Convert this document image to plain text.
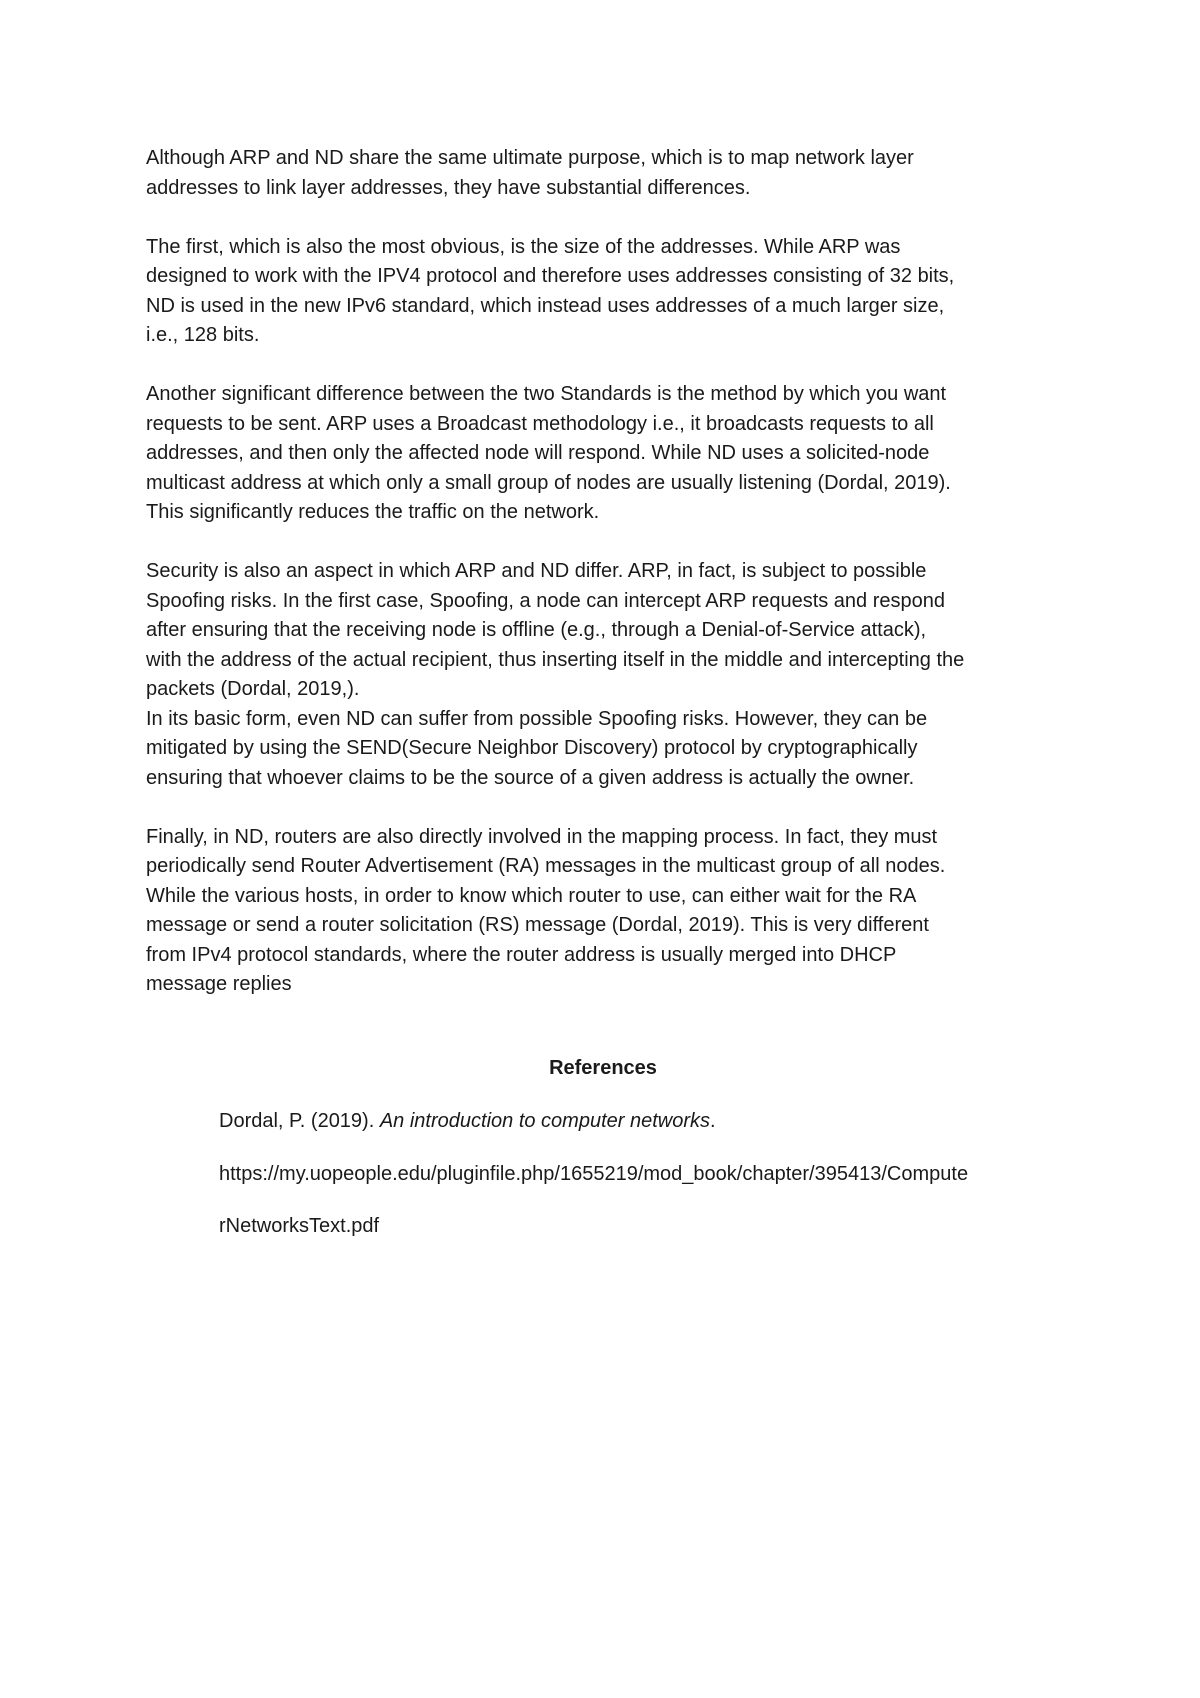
Although ARP and ND share the same ultimate purpose, which is to map network layer
addresses to link layer addresses, they have substantial differences.

The first, which is also the most obvious, is the size of the addresses. While ARP was
designed to work with the IPV4 protocol and therefore uses addresses consisting of 32 bits,
ND is used in the new IPv6 standard, which instead uses addresses of a much larger size,
i.e., 128 bits.

Another significant difference between the two Standards is the method by which you want
requests to be sent. ARP uses a Broadcast methodology i.e., it broadcasts requests to all
addresses, and then only the affected node will respond. While ND uses a solicited-node
multicast address at which only a small group of nodes are usually listening (Dordal, 2019).
This significantly reduces the traffic on the network.

Security is also an aspect in which ARP and ND differ. ARP, in fact, is subject to possible
Spoofing risks. In the first case, Spoofing, a node can intercept ARP requests and respond
after ensuring that the receiving node is offline (e.g., through a Denial-of-Service attack),
with the address of the actual recipient, thus inserting itself in the middle and intercepting the
packets (Dordal, 2019,).
In its basic form, even ND can suffer from possible Spoofing risks. However, they can be
mitigated by using the SEND(Secure Neighbor Discovery) protocol by cryptographically
ensuring that whoever claims to be the source of a given address is actually the owner.

Finally, in ND, routers are also directly involved in the mapping process. In fact, they must
periodically send Router Advertisement (RA) messages in the multicast group of all nodes.
While the various hosts, in order to know which router to use, can either wait for the RA
message or send a router solicitation (RS) message (Dordal, 2019). This is very different
from IPv4 protocol standards, where the router address is usually merged into DHCP
message replies

References

Dordal, P. (2019). An introduction to computer networks.

https://my.uopeople.edu/pluginfile.php/1655219/mod_book/chapter/395413/Compute

rNetworksText.pdf
